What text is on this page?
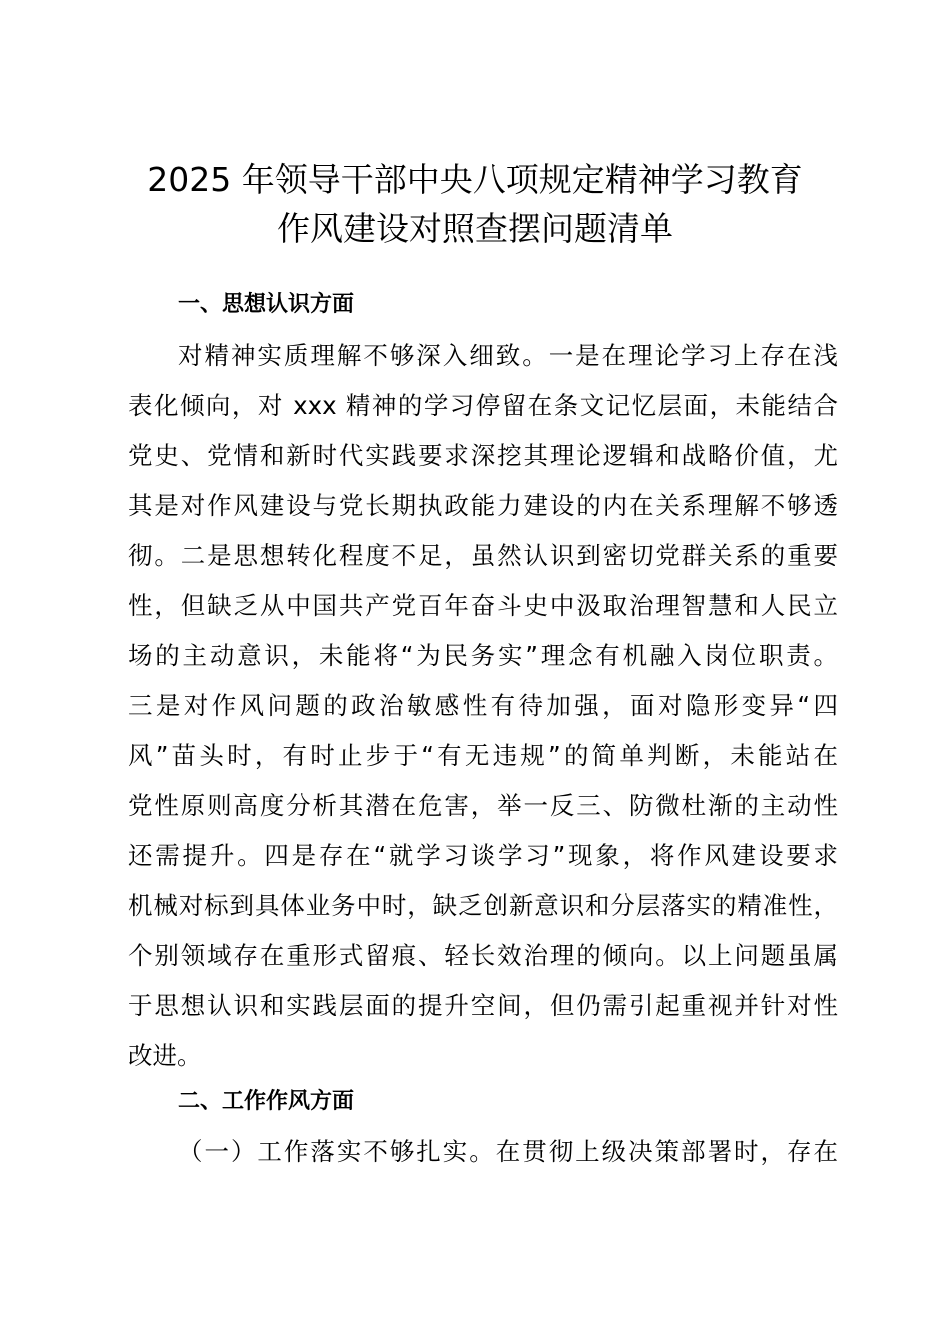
2025 年领导干部中央八项规定精神学习教育
作风建设对照查摆问题清单
一、思想认识方面
对精神实质理解不够深入细致。一是在理论学习上存在浅
表化倾向，对 xxx 精神的学习停留在条文记忆层面，未能结合
党史、党情和新时代实践要求深挖其理论逻辑和战略价值，尤
其是对作风建设与党长期执政能力建设的内在关系理解不够透
彻。二是思想转化程度不足，虽然认识到密切党群关系的重要
性，但缺乏从中国共产党百年奋斗史中汲取治理智慧和人民立
场的主动意识，未能将“为民务实”理念有机融入岗位职责。
三是对作风问题的政治敏感性有待加强，面对隐形变异“四
风”苗头时，有时止步于“有无违规”的简单判断，未能站在
党性原则高度分析其潜在危害，举一反三、防微杜渐的主动性
还需提升。四是存在“就学习谈学习”现象，将作风建设要求
机械对标到具体业务中时，缺乏创新意识和分层落实的精准性，
个别领域存在重形式留痕、轻长效治理的倾向。以上问题虽属
于思想认识和实践层面的提升空间，但仍需引起重视并针对性
改进。
二、工作作风方面
（一）工作落实不够扎实。在贯彻上级决策部署时，存在
